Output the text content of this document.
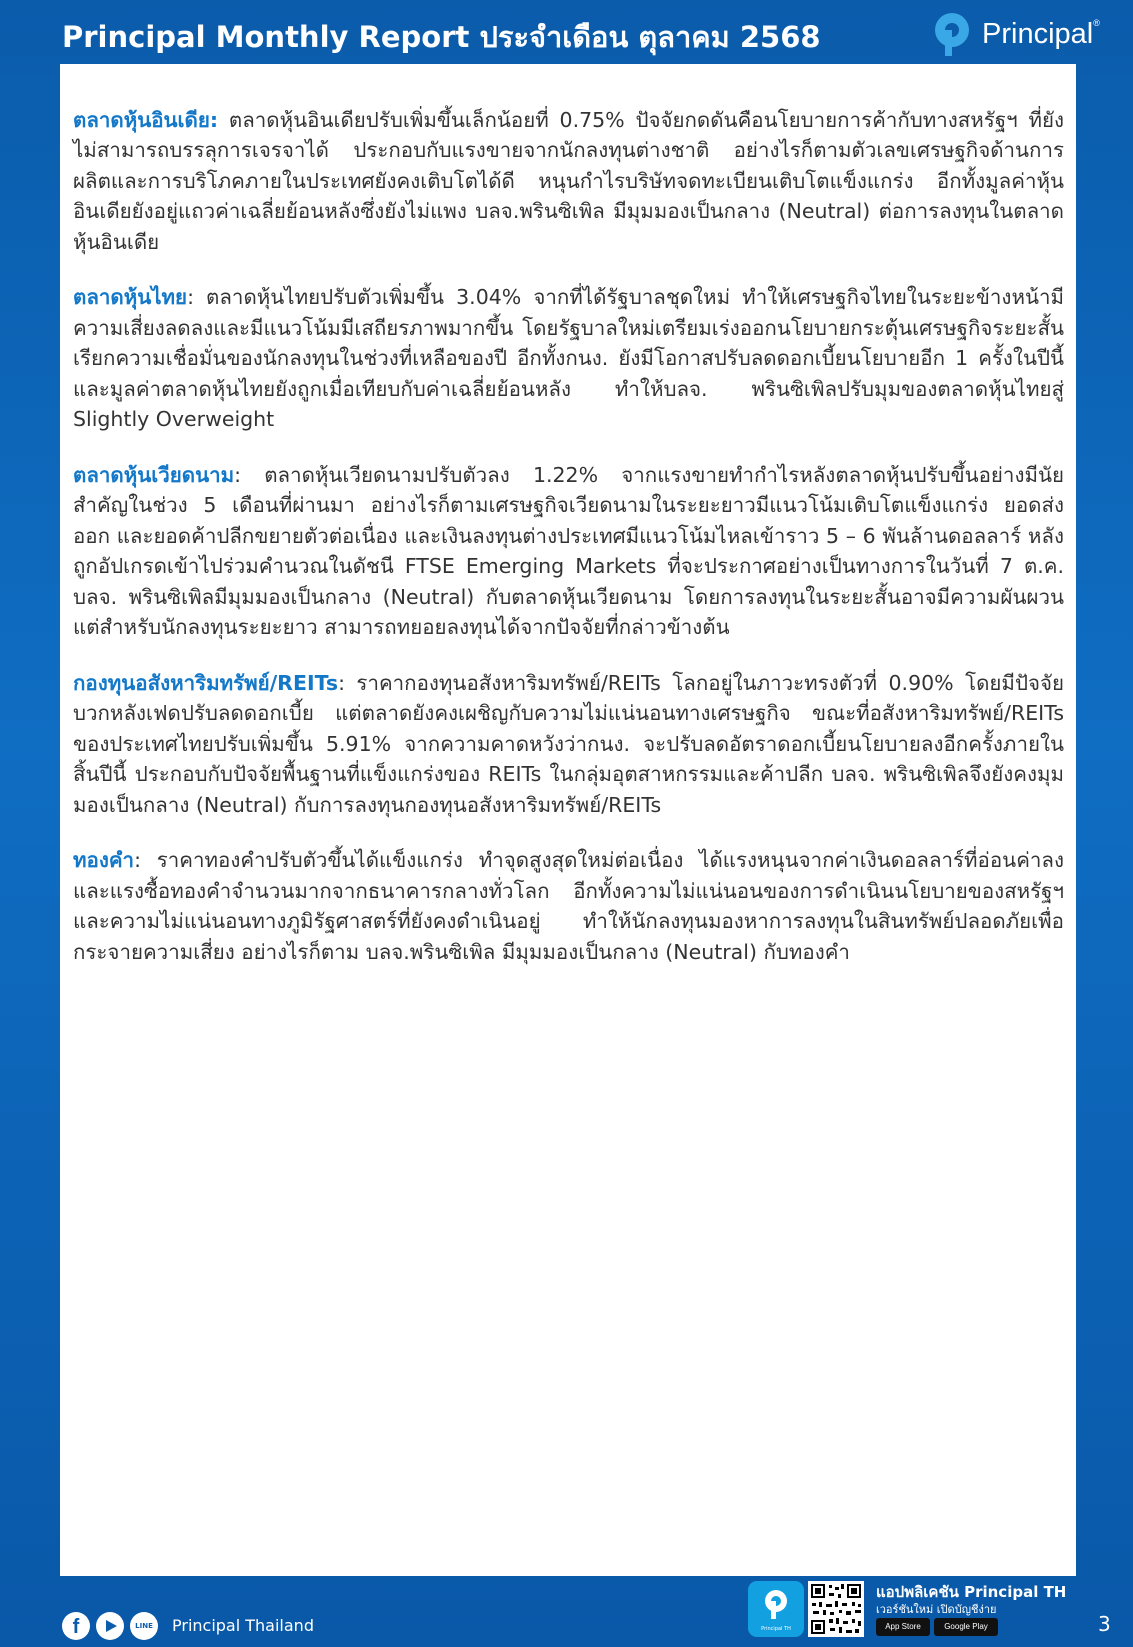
Principal Monthly Report ประจำเดือน ตุลาคม 2568	Principal®

ตลาดหุ้นอินเดีย: ตลาดหุ้นอินเดียปรับเพิ่มขึ้นเล็กน้อยที่ 0.75% ปัจจัยกดดันคือนโยบายการค้ากับทางสหรัฐฯ ที่ยังไม่สามารถบรรลุการเจรจาได้ ประกอบกับแรงขายจากนักลงทุนต่างชาติ อย่างไรก็ตามตัวเลขเศรษฐกิจด้านการผลิตและการบริโภคภายในประเทศยังคงเติบโตได้ดี หนุนกำไรบริษัทจดทะเบียนเติบโตแข็งแกร่ง อีกทั้งมูลค่าหุ้นอินเดียยังอยู่แถวค่าเฉลี่ยย้อนหลังซึ่งยังไม่แพง บลจ.พรินซิเพิล มีมุมมองเป็นกลาง (Neutral) ต่อการลงทุนในตลาดหุ้นอินเดีย

ตลาดหุ้นไทย: ตลาดหุ้นไทยปรับตัวเพิ่มขึ้น 3.04% จากที่ได้รัฐบาลชุดใหม่ ทำให้เศรษฐกิจไทยในระยะข้างหน้ามีความเสี่ยงลดลงและมีแนวโน้มมีเสถียรภาพมากขึ้น โดยรัฐบาลใหม่เตรียมเร่งออกนโยบายกระตุ้นเศรษฐกิจระยะสั้น เรียกความเชื่อมั่นของนักลงทุนในช่วงที่เหลือของปี อีกทั้งกนง. ยังมีโอกาสปรับลดดอกเบี้ยนโยบายอีก 1 ครั้งในปีนี้ และมูลค่าตลาดหุ้นไทยยังถูกเมื่อเทียบกับค่าเฉลี่ยย้อนหลัง ทำให้บลจ. พรินซิเพิลปรับมุมของตลาดหุ้นไทยสู่ Slightly Overweight

ตลาดหุ้นเวียดนาม: ตลาดหุ้นเวียดนามปรับตัวลง 1.22% จากแรงขายทำกำไรหลังตลาดหุ้นปรับขึ้นอย่างมีนัยสำคัญในช่วง 5 เดือนที่ผ่านมา อย่างไรก็ตามเศรษฐกิจเวียดนามในระยะยาวมีแนวโน้มเติบโตแข็งแกร่ง ยอดส่งออก และยอดค้าปลีกขยายตัวต่อเนื่อง และเงินลงทุนต่างประเทศมีแนวโน้มไหลเข้าราว 5 – 6 พันล้านดอลลาร์ หลังถูกอัปเกรดเข้าไปร่วมคำนวณในดัชนี FTSE Emerging Markets ที่จะประกาศอย่างเป็นทางการในวันที่ 7 ต.ค. บลจ. พรินซิเพิลมีมุมมองเป็นกลาง (Neutral) กับตลาดหุ้นเวียดนาม โดยการลงทุนในระยะสั้นอาจมีความผันผวน แต่สำหรับนักลงทุนระยะยาว สามารถทยอยลงทุนได้จากปัจจัยที่กล่าวข้างต้น

กองทุนอสังหาริมทรัพย์/REITs: ราคากองทุนอสังหาริมทรัพย์/REITs โลกอยู่ในภาวะทรงตัวที่ 0.90% โดยมีปัจจัยบวกหลังเฟดปรับลดดอกเบี้ย แต่ตลาดยังคงเผชิญกับความไม่แน่นอนทางเศรษฐกิจ ขณะที่อสังหาริมทรัพย์/REITs ของประเทศไทยปรับเพิ่มขึ้น 5.91% จากความคาดหวังว่ากนง. จะปรับลดอัตราดอกเบี้ยนโยบายลงอีกครั้งภายในสิ้นปีนี้ ประกอบกับปัจจัยพื้นฐานที่แข็งแกร่งของ REITs ในกลุ่มอุตสาหกรรมและค้าปลีก บลจ. พรินซิเพิลจึงยังคงมุมมองเป็นกลาง (Neutral) กับการลงทุนกองทุนอสังหาริมทรัพย์/REITs

ทองคำ: ราคาทองคำปรับตัวขึ้นได้แข็งแกร่ง ทำจุดสูงสุดใหม่ต่อเนื่อง ได้แรงหนุนจากค่าเงินดอลลาร์ที่อ่อนค่าลง และแรงซื้อทองคำจำนวนมากจากธนาคารกลางทั่วโลก อีกทั้งความไม่แน่นอนของการดำเนินนโยบายของสหรัฐฯ และความไม่แน่นอนทางภูมิรัฐศาสตร์ที่ยังคงดำเนินอยู่ ทำให้นักลงทุนมองหาการลงทุนในสินทรัพย์ปลอดภัยเพื่อกระจายความเสี่ยง อย่างไรก็ตาม บลจ.พรินซิเพิล มีมุมมองเป็นกลาง (Neutral) กับทองคำ

f	LINE	Principal Thailand	Principal TH
แอปพลิเคชัน Principal TH
เวอร์ชันใหม่ เปิดบัญชีง่าย
App Store	Google Play	3
